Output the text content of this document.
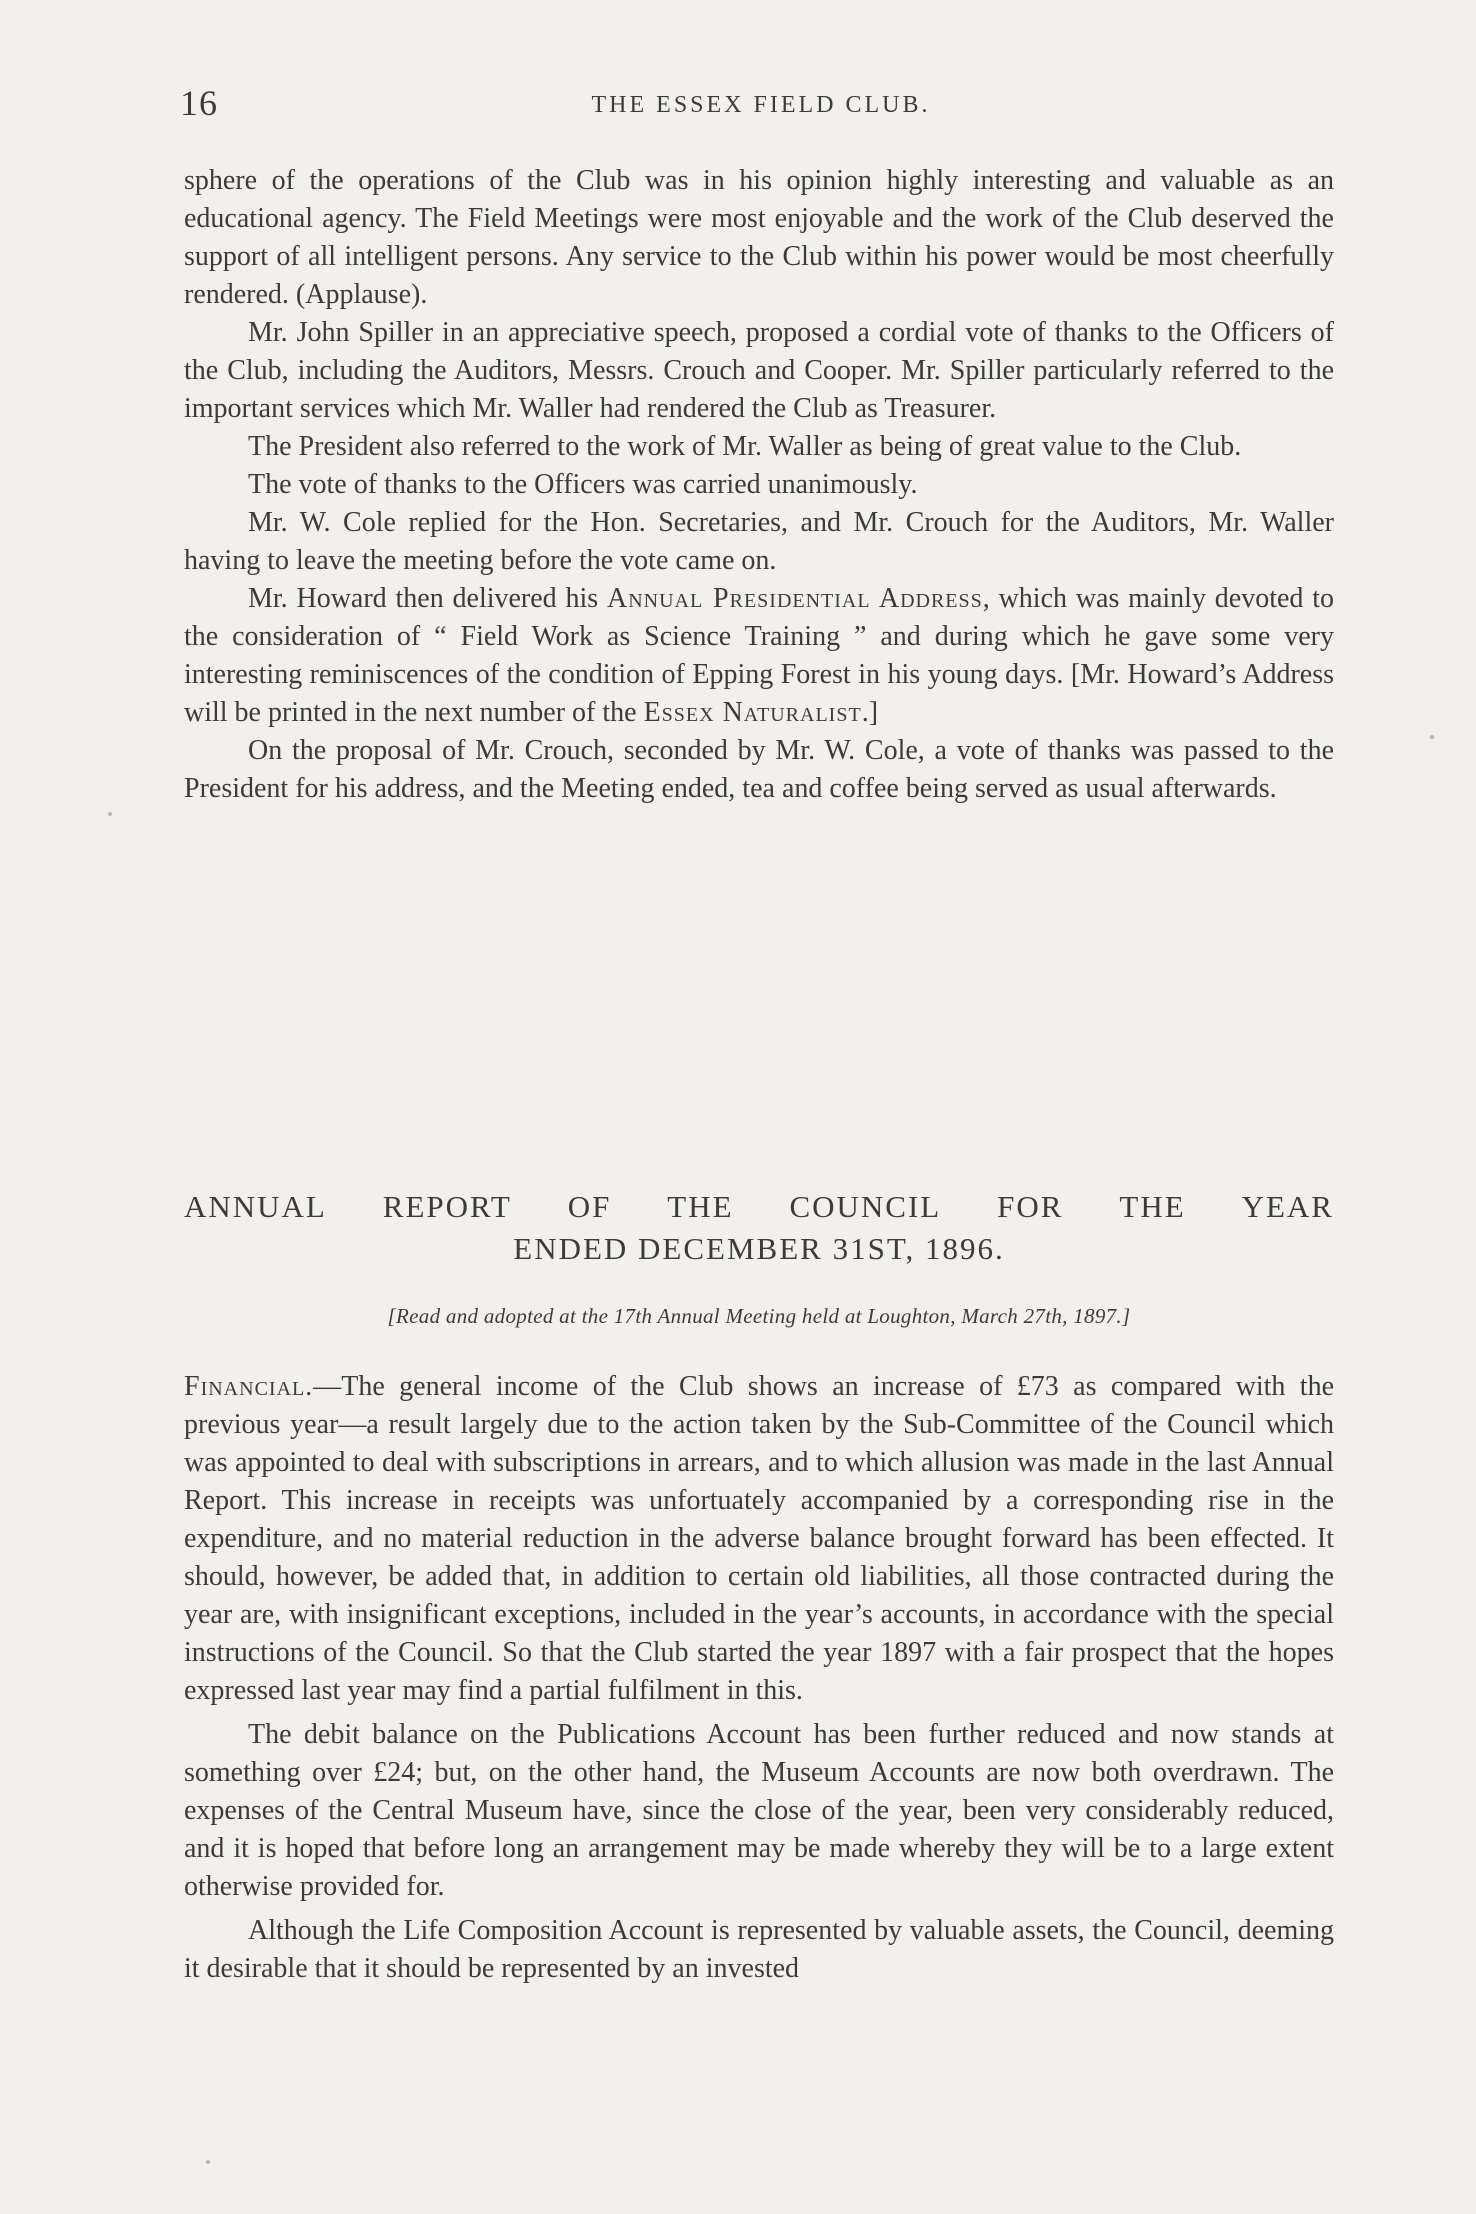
16	THE ESSEX FIELD CLUB.

sphere of the operations of the Club was in his opinion highly interesting and valuable as an educational agency. The Field Meetings were most enjoyable and the work of the Club deserved the support of all intelligent persons. Any service to the Club within his power would be most cheerfully rendered. (Applause).

Mr. John Spiller in an appreciative speech, proposed a cordial vote of thanks to the Officers of the Club, including the Auditors, Messrs. Crouch and Cooper. Mr. Spiller particularly referred to the important services which Mr. Waller had rendered the Club as Treasurer.

The President also referred to the work of Mr. Waller as being of great value to the Club.

The vote of thanks to the Officers was carried unanimously.

Mr. W. Cole replied for the Hon. Secretaries, and Mr. Crouch for the Auditors, Mr. Waller having to leave the meeting before the vote came on.

Mr. Howard then delivered his Annual Presidential Address, which was mainly devoted to the consideration of “ Field Work as Science Training ” and during which he gave some very interesting reminiscences of the condition of Epping Forest in his young days. [Mr. Howard’s Address will be printed in the next number of the Essex Naturalist.]

On the proposal of Mr. Crouch, seconded by Mr. W. Cole, a vote of thanks was passed to the President for his address, and the Meeting ended, tea and coffee being served as usual afterwards.

ANNUAL REPORT OF THE COUNCIL FOR THE YEAR
ENDED DECEMBER 31ST, 1896.
[Read and adopted at the 17th Annual Meeting held at Loughton, March 27th, 1897.]

Financial.—The general income of the Club shows an increase of £73 as compared with the previous year—a result largely due to the action taken by the Sub-Committee of the Council which was appointed to deal with subscriptions in arrears, and to which allusion was made in the last Annual Report. This increase in receipts was unfortuately accompanied by a corresponding rise in the expenditure, and no material reduction in the adverse balance brought forward has been effected. It should, however, be added that, in addition to certain old liabilities, all those contracted during the year are, with insignificant exceptions, included in the year’s accounts, in accordance with the special instructions of the Council. So that the Club started the year 1897 with a fair prospect that the hopes expressed last year may find a partial fulfilment in this.

The debit balance on the Publications Account has been further reduced and now stands at something over £24; but, on the other hand, the Museum Accounts are now both overdrawn. The expenses of the Central Museum have, since the close of the year, been very considerably reduced, and it is hoped that before long an arrangement may be made whereby they will be to a large extent otherwise provided for.

Although the Life Composition Account is represented by valuable assets, the Council, deeming it desirable that it should be represented by an invested
